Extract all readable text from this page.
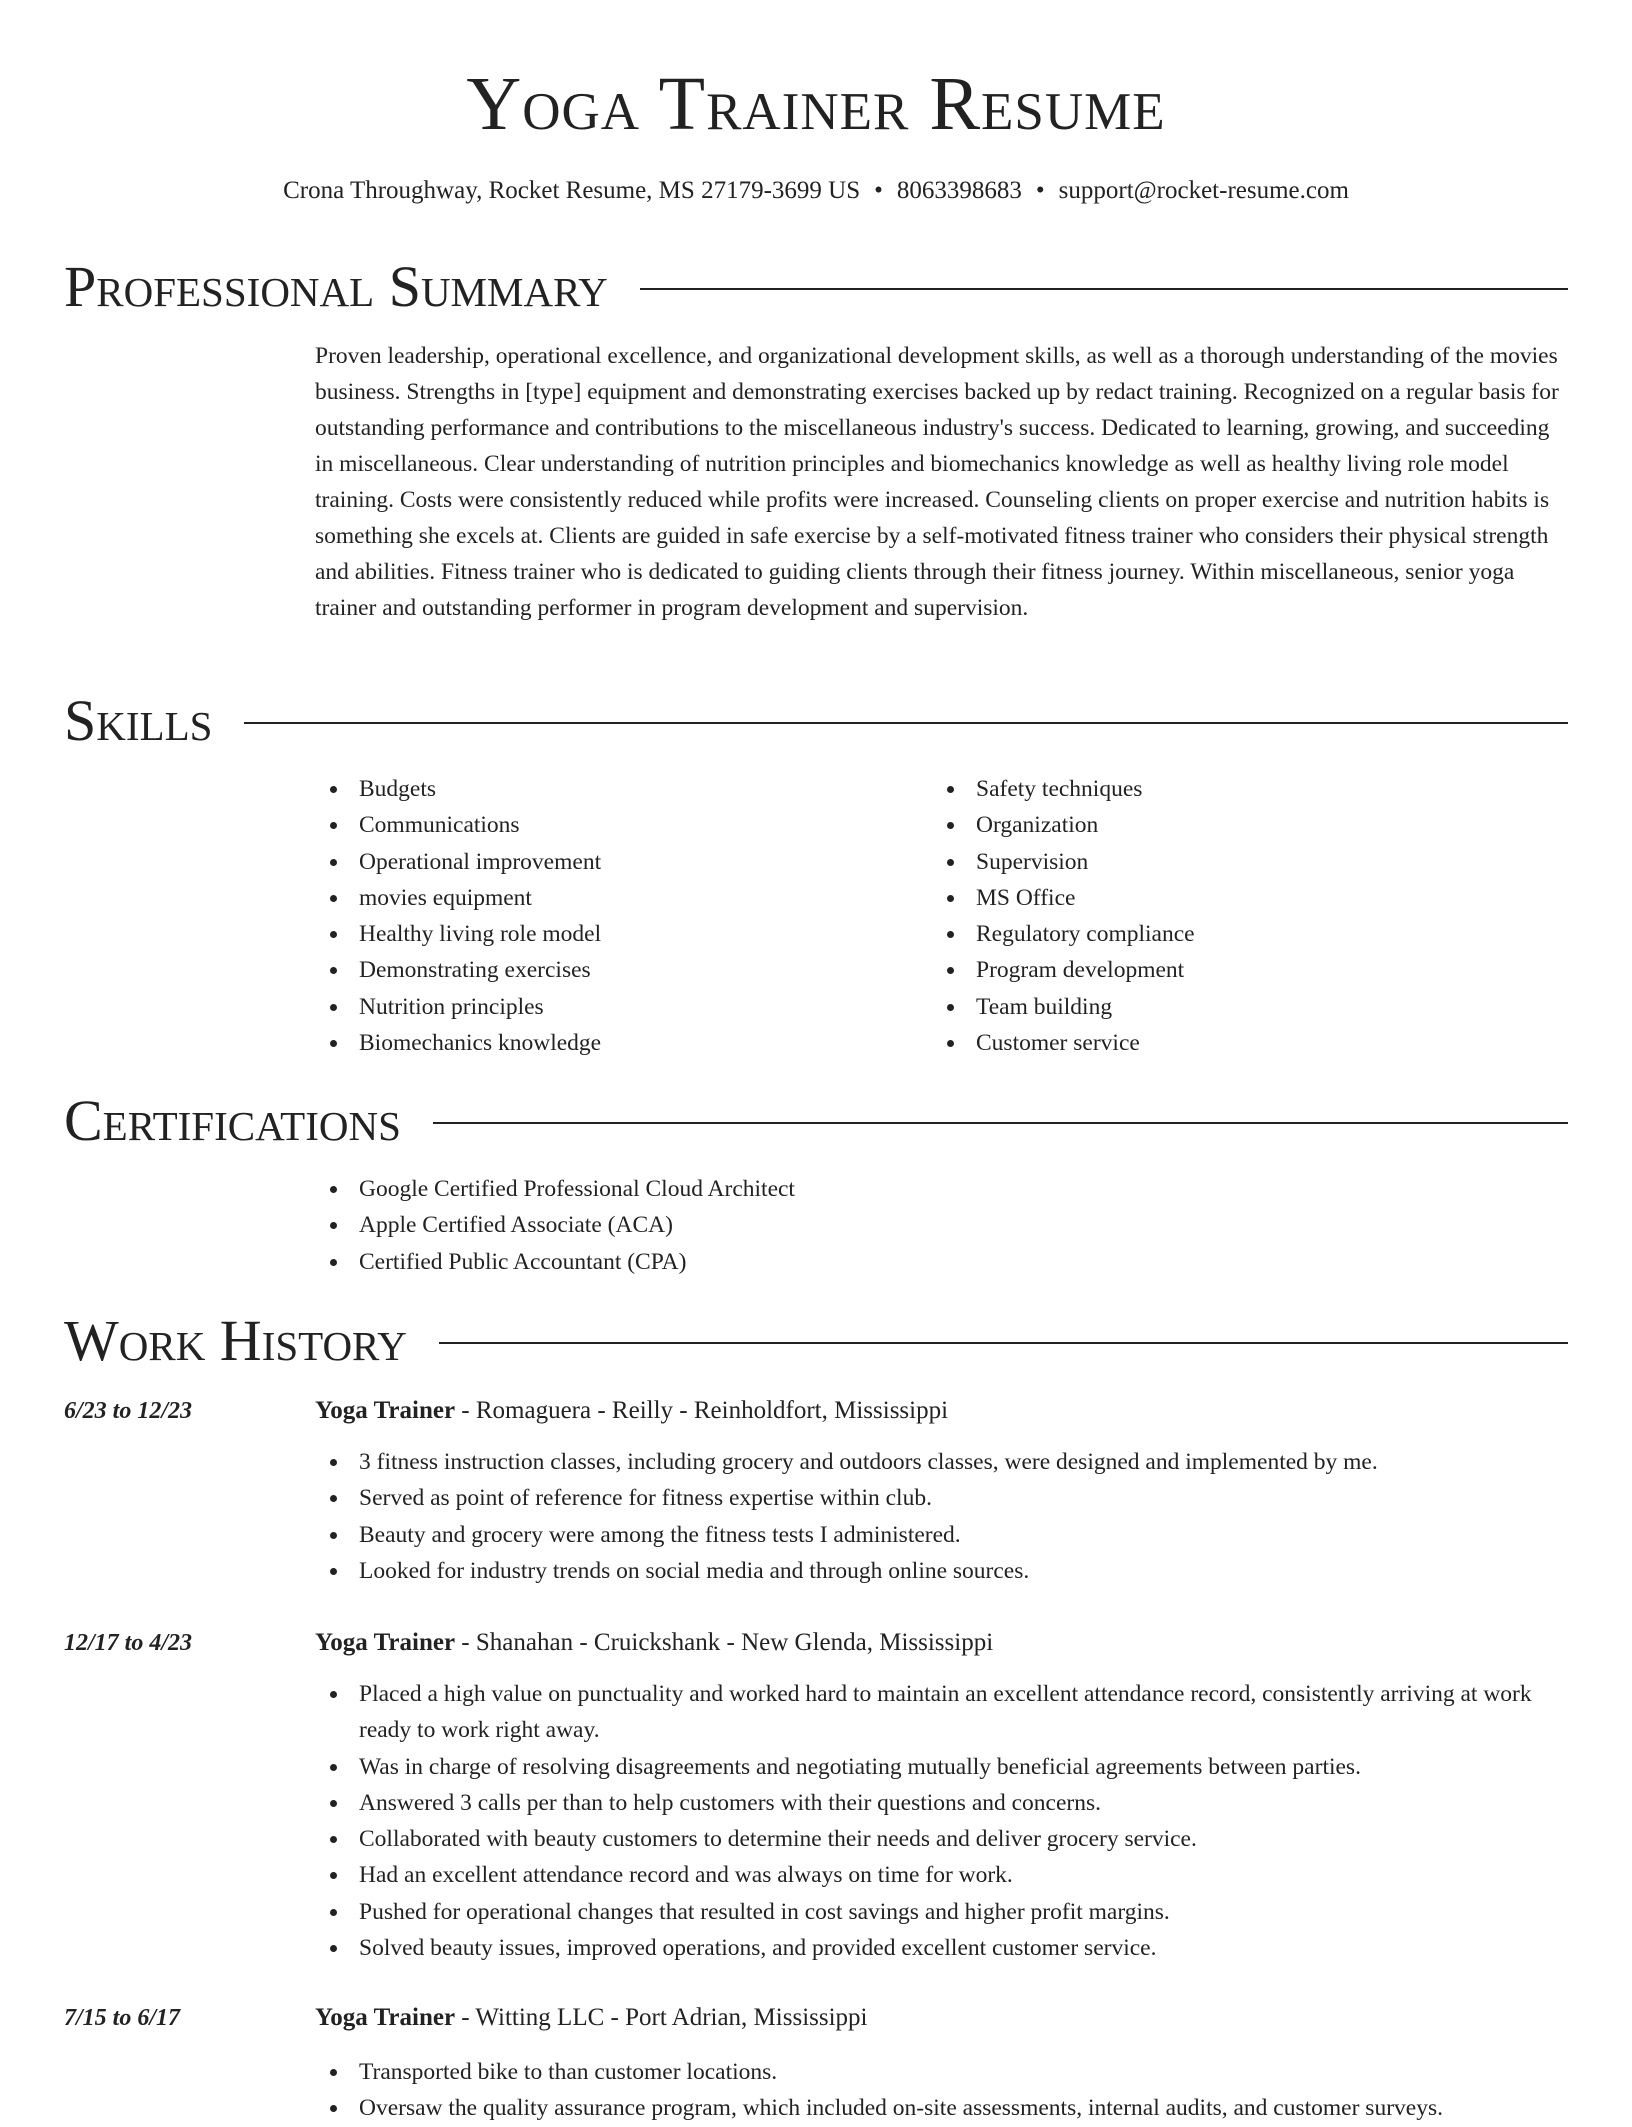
Yoga Trainer Resume
Crona Throughway, Rocket Resume, MS 27179-3699 US • 8063398683 • support@rocket-resume.com
Professional Summary

Proven leadership, operational excellence, and organizational development skills, as well as a thorough understanding of the movies business. Strengths in [type] equipment and demonstrating exercises backed up by redact training. Recognized on a regular basis for outstanding performance and contributions to the miscellaneous industry's success. Dedicated to learning, growing, and succeeding in miscellaneous. Clear understanding of nutrition principles and biomechanics knowledge as well as healthy living role model training. Costs were consistently reduced while profits were increased. Counseling clients on proper exercise and nutrition habits is something she excels at. Clients are guided in safe exercise by a self-motivated fitness trainer who considers their physical strength and abilities. Fitness trainer who is dedicated to guiding clients through their fitness journey. Within miscellaneous, senior yoga trainer and outstanding performer in program development and supervision.

Skills
Budgets
Communications
Operational improvement
movies equipment
Healthy living role model
Demonstrating exercises
Nutrition principles
Biomechanics knowledge
Safety techniques
Organization
Supervision
MS Office
Regulatory compliance
Program development
Team building
Customer service
Certifications
Google Certified Professional Cloud Architect
Apple Certified Associate (ACA)
Certified Public Accountant (CPA)
Work History
6/23 to 12/23	Yoga Trainer - Romaguera - Reilly - Reinholdfort, Mississippi
3 fitness instruction classes, including grocery and outdoors classes, were designed and implemented by me.
Served as point of reference for fitness expertise within club.
Beauty and grocery were among the fitness tests I administered.
Looked for industry trends on social media and through online sources.
12/17 to 4/23	Yoga Trainer - Shanahan - Cruickshank - New Glenda, Mississippi
Placed a high value on punctuality and worked hard to maintain an excellent attendance record, consistently arriving at work ready to work right away.
Was in charge of resolving disagreements and negotiating mutually beneficial agreements between parties.
Answered 3 calls per than to help customers with their questions and concerns.
Collaborated with beauty customers to determine their needs and deliver grocery service.
Had an excellent attendance record and was always on time for work.
Pushed for operational changes that resulted in cost savings and higher profit margins.
Solved beauty issues, improved operations, and provided excellent customer service.
7/15 to 6/17	Yoga Trainer - Witting LLC - Port Adrian, Mississippi
Transported bike to than customer locations.
Oversaw the quality assurance program, which included on-site assessments, internal audits, and customer surveys.
